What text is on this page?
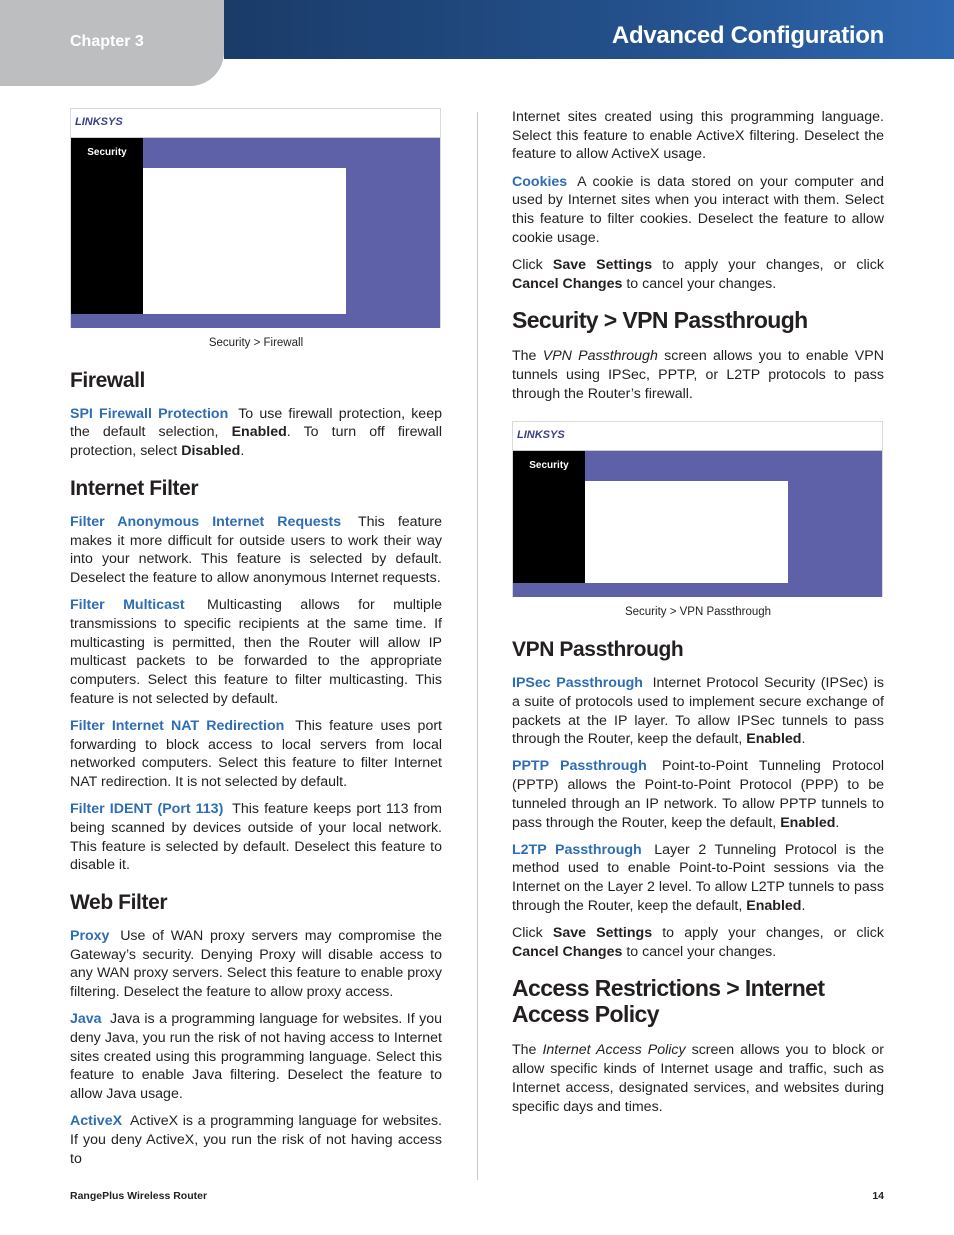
Chapter 3	Advanced Configuration
LINKSYS
Security
Security > Firewall
Firewall

SPI Firewall Protection To use firewall protection, keep the default selection, Enabled. To turn off firewall protection, select Disabled.

Internet Filter

Filter Anonymous Internet Requests This feature makes it more difficult for outside users to work their way into your network. This feature is selected by default. Deselect the feature to allow anonymous Internet requests.

Filter Multicast Multicasting allows for multiple transmissions to specific recipients at the same time. If multicasting is permitted, then the Router will allow IP multicast packets to be forwarded to the appropriate computers. Select this feature to filter multicasting. This feature is not selected by default.

Filter Internet NAT Redirection This feature uses port forwarding to block access to local servers from local networked computers. Select this feature to filter Internet NAT redirection. It is not selected by default.

Filter IDENT (Port 113) This feature keeps port 113 from being scanned by devices outside of your local network. This feature is selected by default. Deselect this feature to disable it.

Web Filter

Proxy Use of WAN proxy servers may compromise the Gateway’s security. Denying Proxy will disable access to any WAN proxy servers. Select this feature to enable proxy filtering. Deselect the feature to allow proxy access.

Java Java is a programming language for websites. If you deny Java, you run the risk of not having access to Internet sites created using this programming language. Select this feature to enable Java filtering. Deselect the feature to allow Java usage.

ActiveX ActiveX is a programming language for websites. If you deny ActiveX, you run the risk of not having access to

Internet sites created using this programming language. Select this feature to enable ActiveX filtering. Deselect the feature to allow ActiveX usage.

Cookies A cookie is data stored on your computer and used by Internet sites when you interact with them. Select this feature to filter cookies. Deselect the feature to allow cookie usage.

Click Save Settings to apply your changes, or click Cancel Changes to cancel your changes.

Security > VPN Passthrough

The VPN Passthrough screen allows you to enable VPN tunnels using IPSec, PPTP, or L2TP protocols to pass through the Router’s firewall.

LINKSYS
Security
Security > VPN Passthrough
VPN Passthrough

IPSec Passthrough Internet Protocol Security (IPSec) is a suite of protocols used to implement secure exchange of packets at the IP layer. To allow IPSec tunnels to pass through the Router, keep the default, Enabled.

PPTP Passthrough Point-to-Point Tunneling Protocol (PPTP) allows the Point-to-Point Protocol (PPP) to be tunneled through an IP network. To allow PPTP tunnels to pass through the Router, keep the default, Enabled.

L2TP Passthrough Layer 2 Tunneling Protocol is the method used to enable Point-to-Point sessions via the Internet on the Layer 2 level. To allow L2TP tunnels to pass through the Router, keep the default, Enabled.

Click Save Settings to apply your changes, or click Cancel Changes to cancel your changes.

Access Restrictions > Internet Access Policy

The Internet Access Policy screen allows you to block or allow specific kinds of Internet usage and traffic, such as Internet access, designated services, and websites during specific days and times.

RangePlus Wireless Router	14
